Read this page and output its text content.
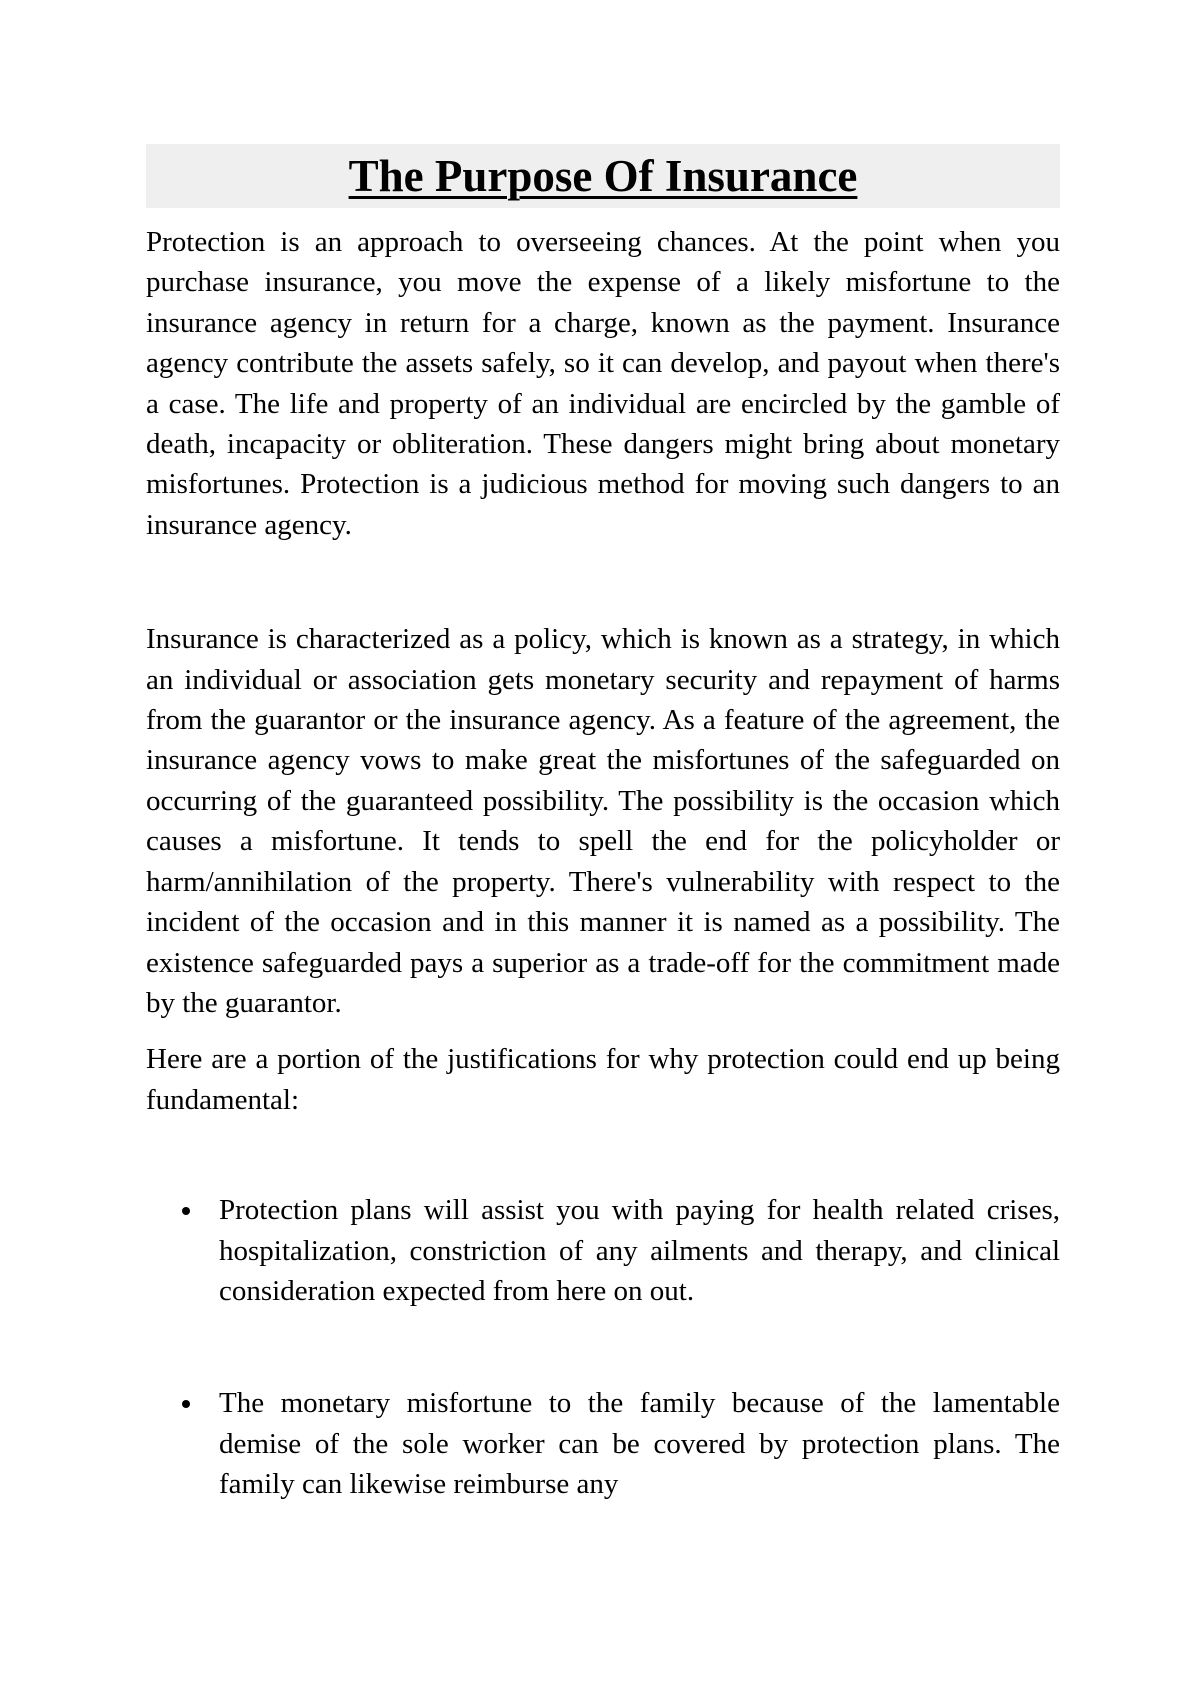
The Purpose Of Insurance

Protection is an approach to overseeing chances. At the point when you purchase insurance, you move the expense of a likely misfortune to the insurance agency in return for a charge, known as the payment. Insurance agency contribute the assets safely, so it can develop, and payout when there's a case. The life and property of an individual are encircled by the gamble of death, incapacity or obliteration. These dangers might bring about monetary misfortunes. Protection is a judicious method for moving such dangers to an insurance agency.

Insurance is characterized as a policy, which is known as a strategy, in which an individual or association gets monetary security and repayment of harms from the guarantor or the insurance agency. As a feature of the agreement, the insurance agency vows to make great the misfortunes of the safeguarded on occurring of the guaranteed possibility. The possibility is the occasion which causes a misfortune. It tends to spell the end for the policyholder or harm/annihilation of the property. There's vulnerability with respect to the incident of the occasion and in this manner it is named as a possibility. The existence safeguarded pays a superior as a trade-off for the commitment made by the guarantor.

Here are a portion of the justifications for why protection could end up being fundamental:

Protection plans will assist you with paying for health related crises, hospitalization, constriction of any ailments and therapy, and clinical consideration expected from here on out.
The monetary misfortune to the family because of the lamentable demise of the sole worker can be covered by protection plans. The family can likewise reimburse any
